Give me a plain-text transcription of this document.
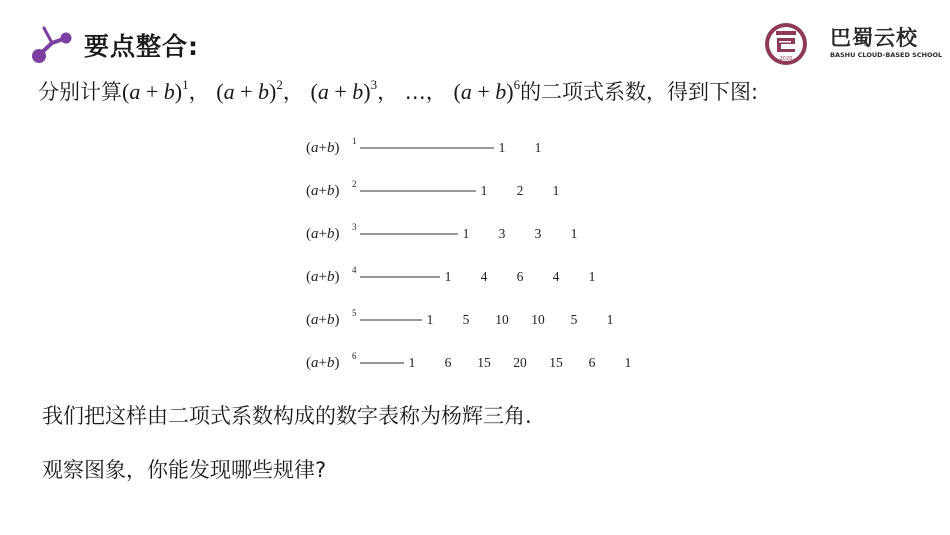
要点整合:	2020
巴蜀云校
BASHU CLOUD-BASED SCHOOL
分别计算$(a + b)^1$， $(a + b)^2$， $(a + b)^3$， …， $(a + b)^6$的二项式系数，得到下图:
(a+b) 1	1 1
(a+b) 2	1 2 1
(a+b) 3	1 3 3 1
(a+b) 4	1 4 6 4 1
(a+b) 5	1 5 10 10 5 1
(a+b) 6	1 6 15 20 15 6 1
我们把这样由二项式系数构成的数字表称为杨辉三角.
观察图象，你能发现哪些规律?
